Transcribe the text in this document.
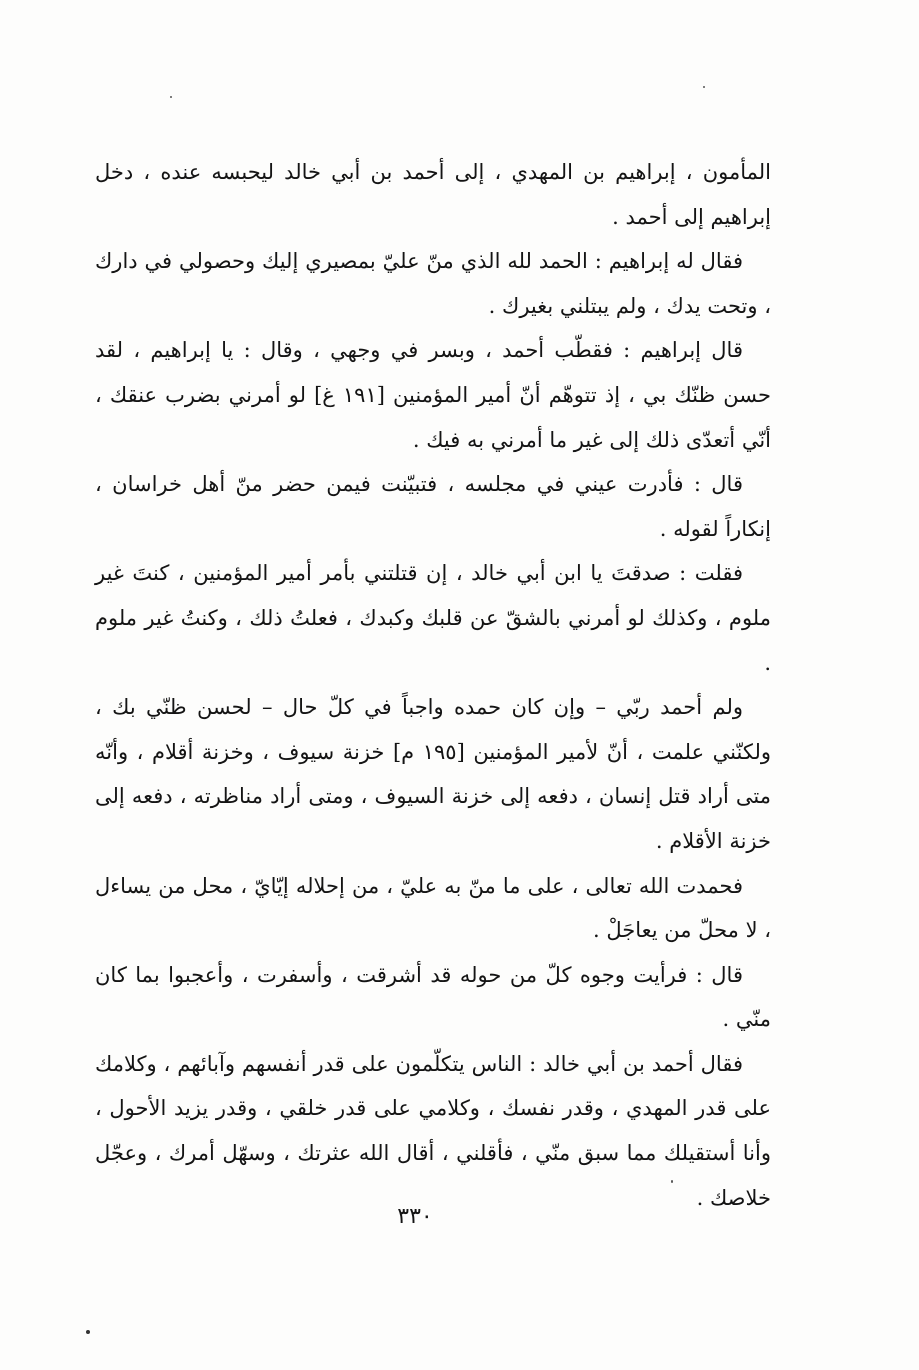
المأمون ، إبراهيم بن المهدي ، إلى أحمد بن أبي خالد ليحبسه عنده ، دخل إبراهيم إلى أحمد .

فقال له إبراهيم : الحمد لله الذي منّ عليّ بمصيري إليك وحصولي في دارك ، وتحت يدك ، ولم يبتلني بغيرك .

قال إبراهيم : فقطّب أحمد ، وبسر في وجهي ، وقال : يا إبراهيم ، لقد حسن ظنّك بي ، إذ تتوهّم أنّ أمير المؤمنين [١٩١ غ] لو أمرني بضرب عنقك ، أنّي أتعدّى ذلك إلى غير ما أمرني به فيك .

قال : فأدرت عيني في مجلسه ، فتبيّنت فيمن حضر منّ أهل خراسان ، إنكاراً لقوله .

فقلت : صدقتَ يا ابن أبي خالد ، إن قتلتني بأمر أمير المؤمنين ، كنتَ غير ملوم ، وكذلك لو أمرني بالشقّ عن قلبك وكبدك ، فعلتُ ذلك ، وكنتُ غير ملوم .

ولم أحمد ربّي – وإن كان حمده واجباً في كلّ حال – لحسن ظنّي بك ، ولكنّني علمت ، أنّ لأمير المؤمنين [١٩٥ م] خزنة سيوف ، وخزنة أقلام ، وأنّه متى أراد قتل إنسان ، دفعه إلى خزنة السيوف ، ومتى أراد مناظرته ، دفعه إلى خزنة الأقلام .

فحمدت الله تعالى ، على ما منّ به عليّ ، من إحلاله إيّايّ ، محل من يساءل ، لا محلّ من يعاجَلْ .

قال : فرأيت وجوه كلّ من حوله قد أشرقت ، وأسفرت ، وأعجبوا بما كان منّي .

فقال أحمد بن أبي خالد : الناس يتكلّمون على قدر أنفسهم وآبائهم ، وكلامك على قدر المهدي ، وقدر نفسك ، وكلامي على قدر خلقي ، وقدر يزيد الأحول ، وأنا أستقيلك مما سبق منّي ، فأقلني ، أقال الله عثرتك ، وسهّل أمرك ، وعجّل خلاصك .

٣٣٠
